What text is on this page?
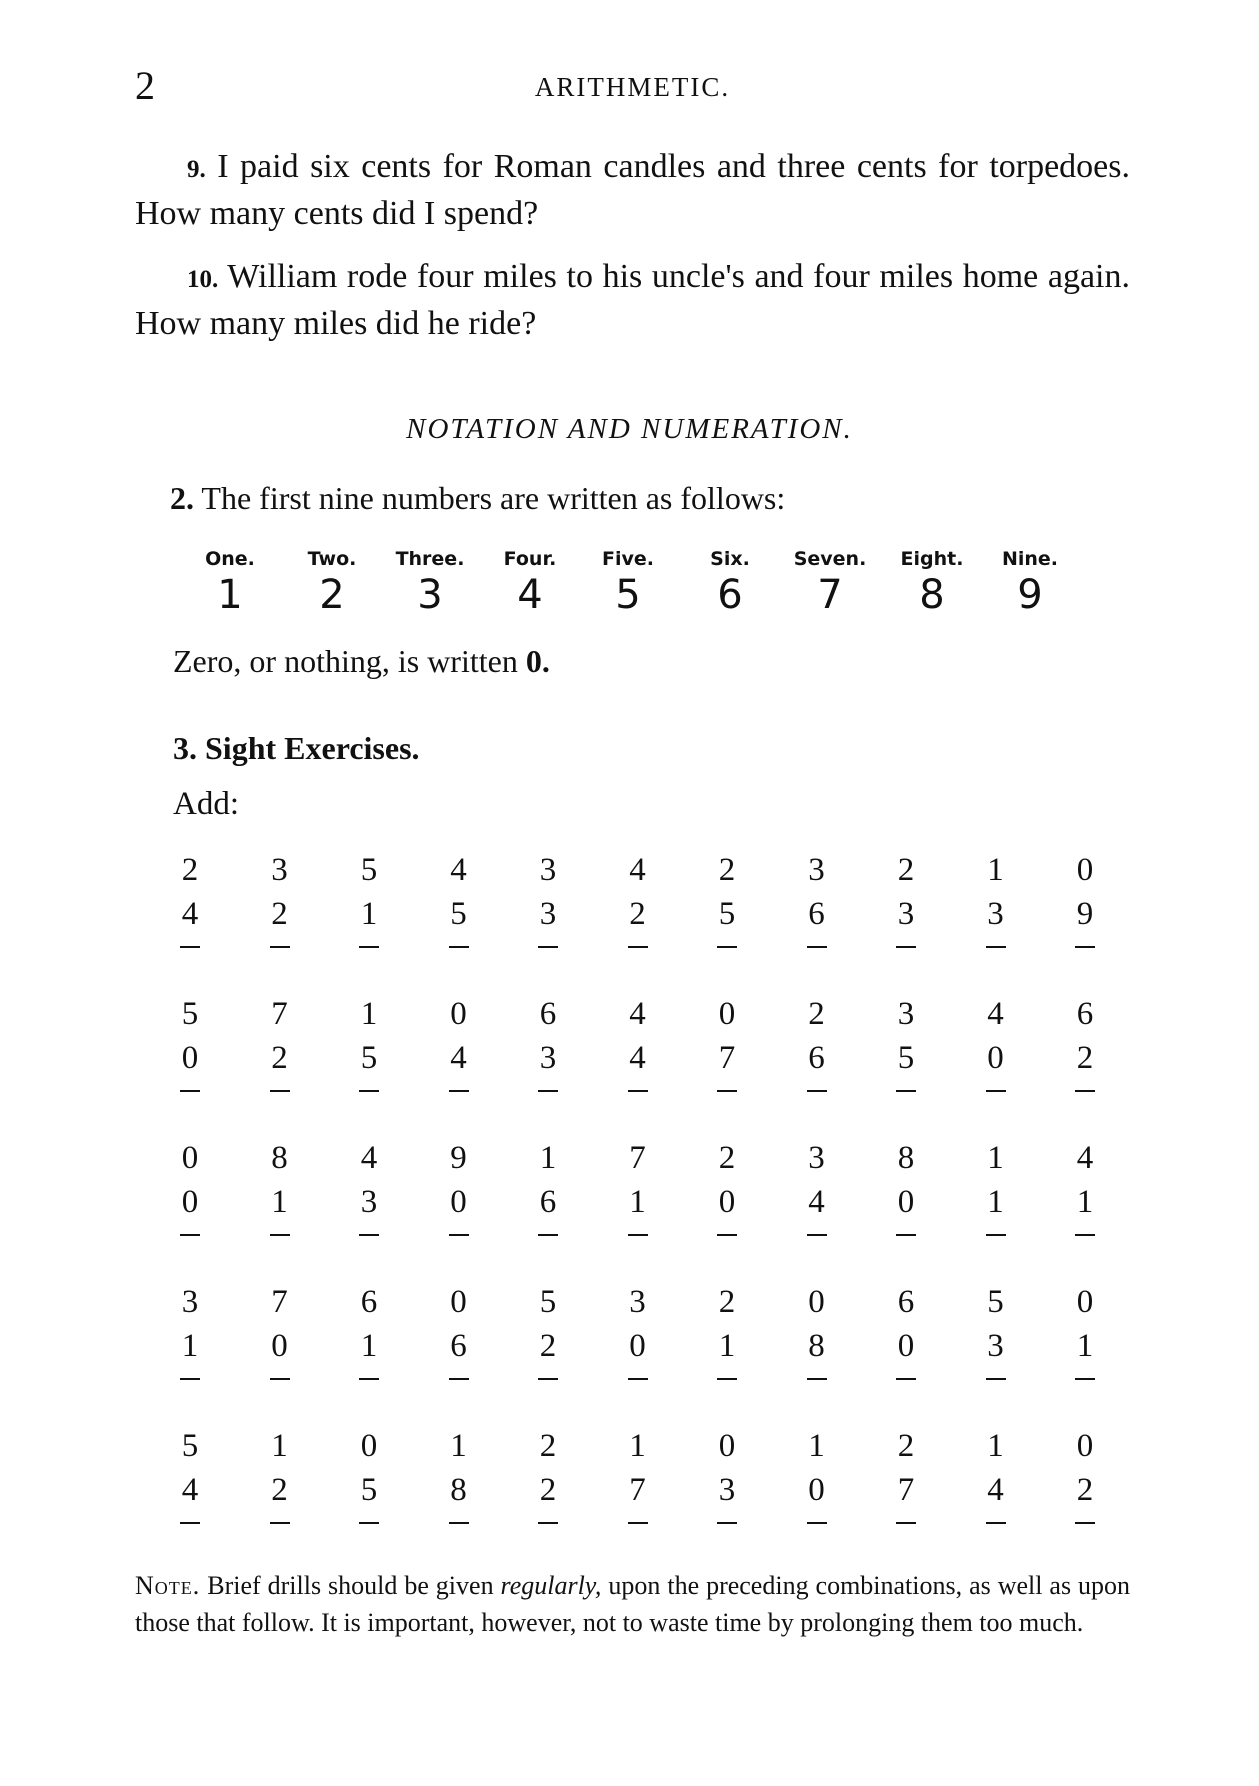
2	ARITHMETIC.
9. I paid six cents for Roman candles and three cents for torpedoes. How many cents did I spend?
10. William rode four miles to his uncle's and four miles home again. How many miles did he ride?
NOTATION AND NUMERATION.
2. The first nine numbers are written as follows:
One.
1
Two.
2
Three.
3
Four.
4
Five.
5
Six.
6
Seven.
7
Eight.
8
Nine.
9
Zero, or nothing, is written 0.
3. Sight Exercises.
Add:
2
4
3
2
5
1
4
5
3
3
4
2
2
5
3
6
2
3
1
3
0
9
5
0
7
2
1
5
0
4
6
3
4
4
0
7
2
6
3
5
4
0
6
2
0
0
8
1
4
3
9
0
1
6
7
1
2
0
3
4
8
0
1
1
4
1
3
1
7
0
6
1
0
6
5
2
3
0
2
1
0
8
6
0
5
3
0
1
5
4
1
2
0
5
1
8
2
2
1
7
0
3
1
0
2
7
1
4
0
2
Note. Brief drills should be given regularly, upon the preceding combinations, as well as upon those that follow. It is important, however, not to waste time by prolonging them too much.
